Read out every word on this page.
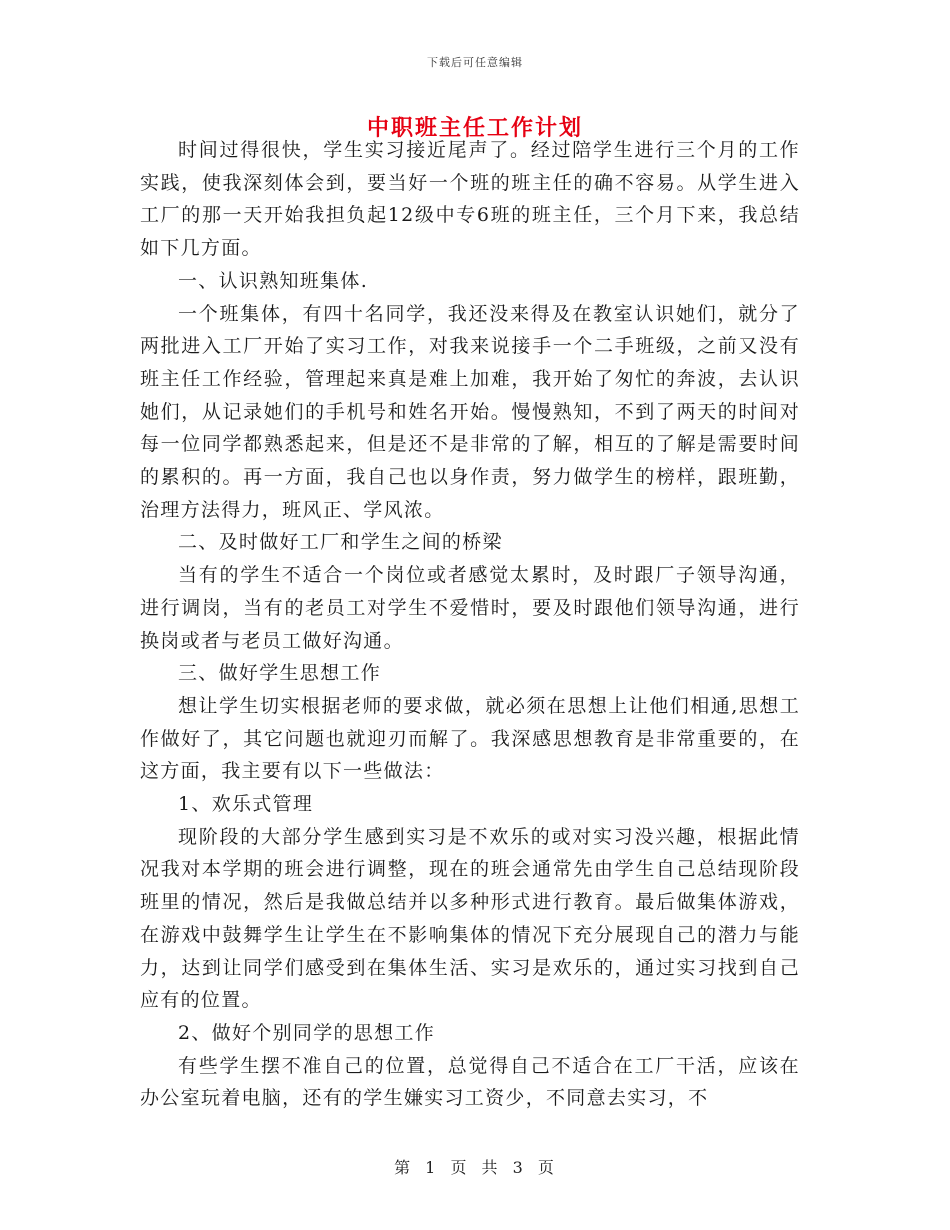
下载后可任意编辑
中职班主任工作计划

时间过得很快，学生实习接近尾声了。经过陪学生进行三个月的工作实践，使我深刻体会到，要当好一个班的班主任的确不容易。从学生进入工厂的那一天开始我担负起12级中专6班的班主任，三个月下来，我总结如下几方面。

一、认识熟知班集体.

一个班集体，有四十名同学，我还没来得及在教室认识她们，就分了两批进入工厂开始了实习工作，对我来说接手一个二手班级，之前又没有班主任工作经验，管理起来真是难上加难，我开始了匆忙的奔波，去认识她们，从记录她们的手机号和姓名开始。慢慢熟知，不到了两天的时间对每一位同学都熟悉起来，但是还不是非常的了解，相互的了解是需要时间的累积的。再一方面，我自己也以身作责，努力做学生的榜样，跟班勤，治理方法得力，班风正、学风浓。

二、及时做好工厂和学生之间的桥梁

当有的学生不适合一个岗位或者感觉太累时，及时跟厂子领导沟通，进行调岗，当有的老员工对学生不爱惜时，要及时跟他们领导沟通，进行换岗或者与老员工做好沟通。

三、做好学生思想工作

想让学生切实根据老师的要求做，就必须在思想上让他们相通,思想工作做好了，其它问题也就迎刃而解了。我深感思想教育是非常重要的，在这方面，我主要有以下一些做法：

1、欢乐式管理

现阶段的大部分学生感到实习是不欢乐的或对实习没兴趣，根据此情况我对本学期的班会进行调整，现在的班会通常先由学生自己总结现阶段班里的情况，然后是我做总结并以多种形式进行教育。最后做集体游戏，在游戏中鼓舞学生让学生在不影响集体的情况下充分展现自己的潜力与能力，达到让同学们感受到在集体生活、实习是欢乐的，通过实习找到自己应有的位置。

2、做好个别同学的思想工作

有些学生摆不准自己的位置，总觉得自己不适合在工厂干活，应该在办公室玩着电脑，还有的学生嫌实习工资少，不同意去实习，不

第 1 页 共 3 页
